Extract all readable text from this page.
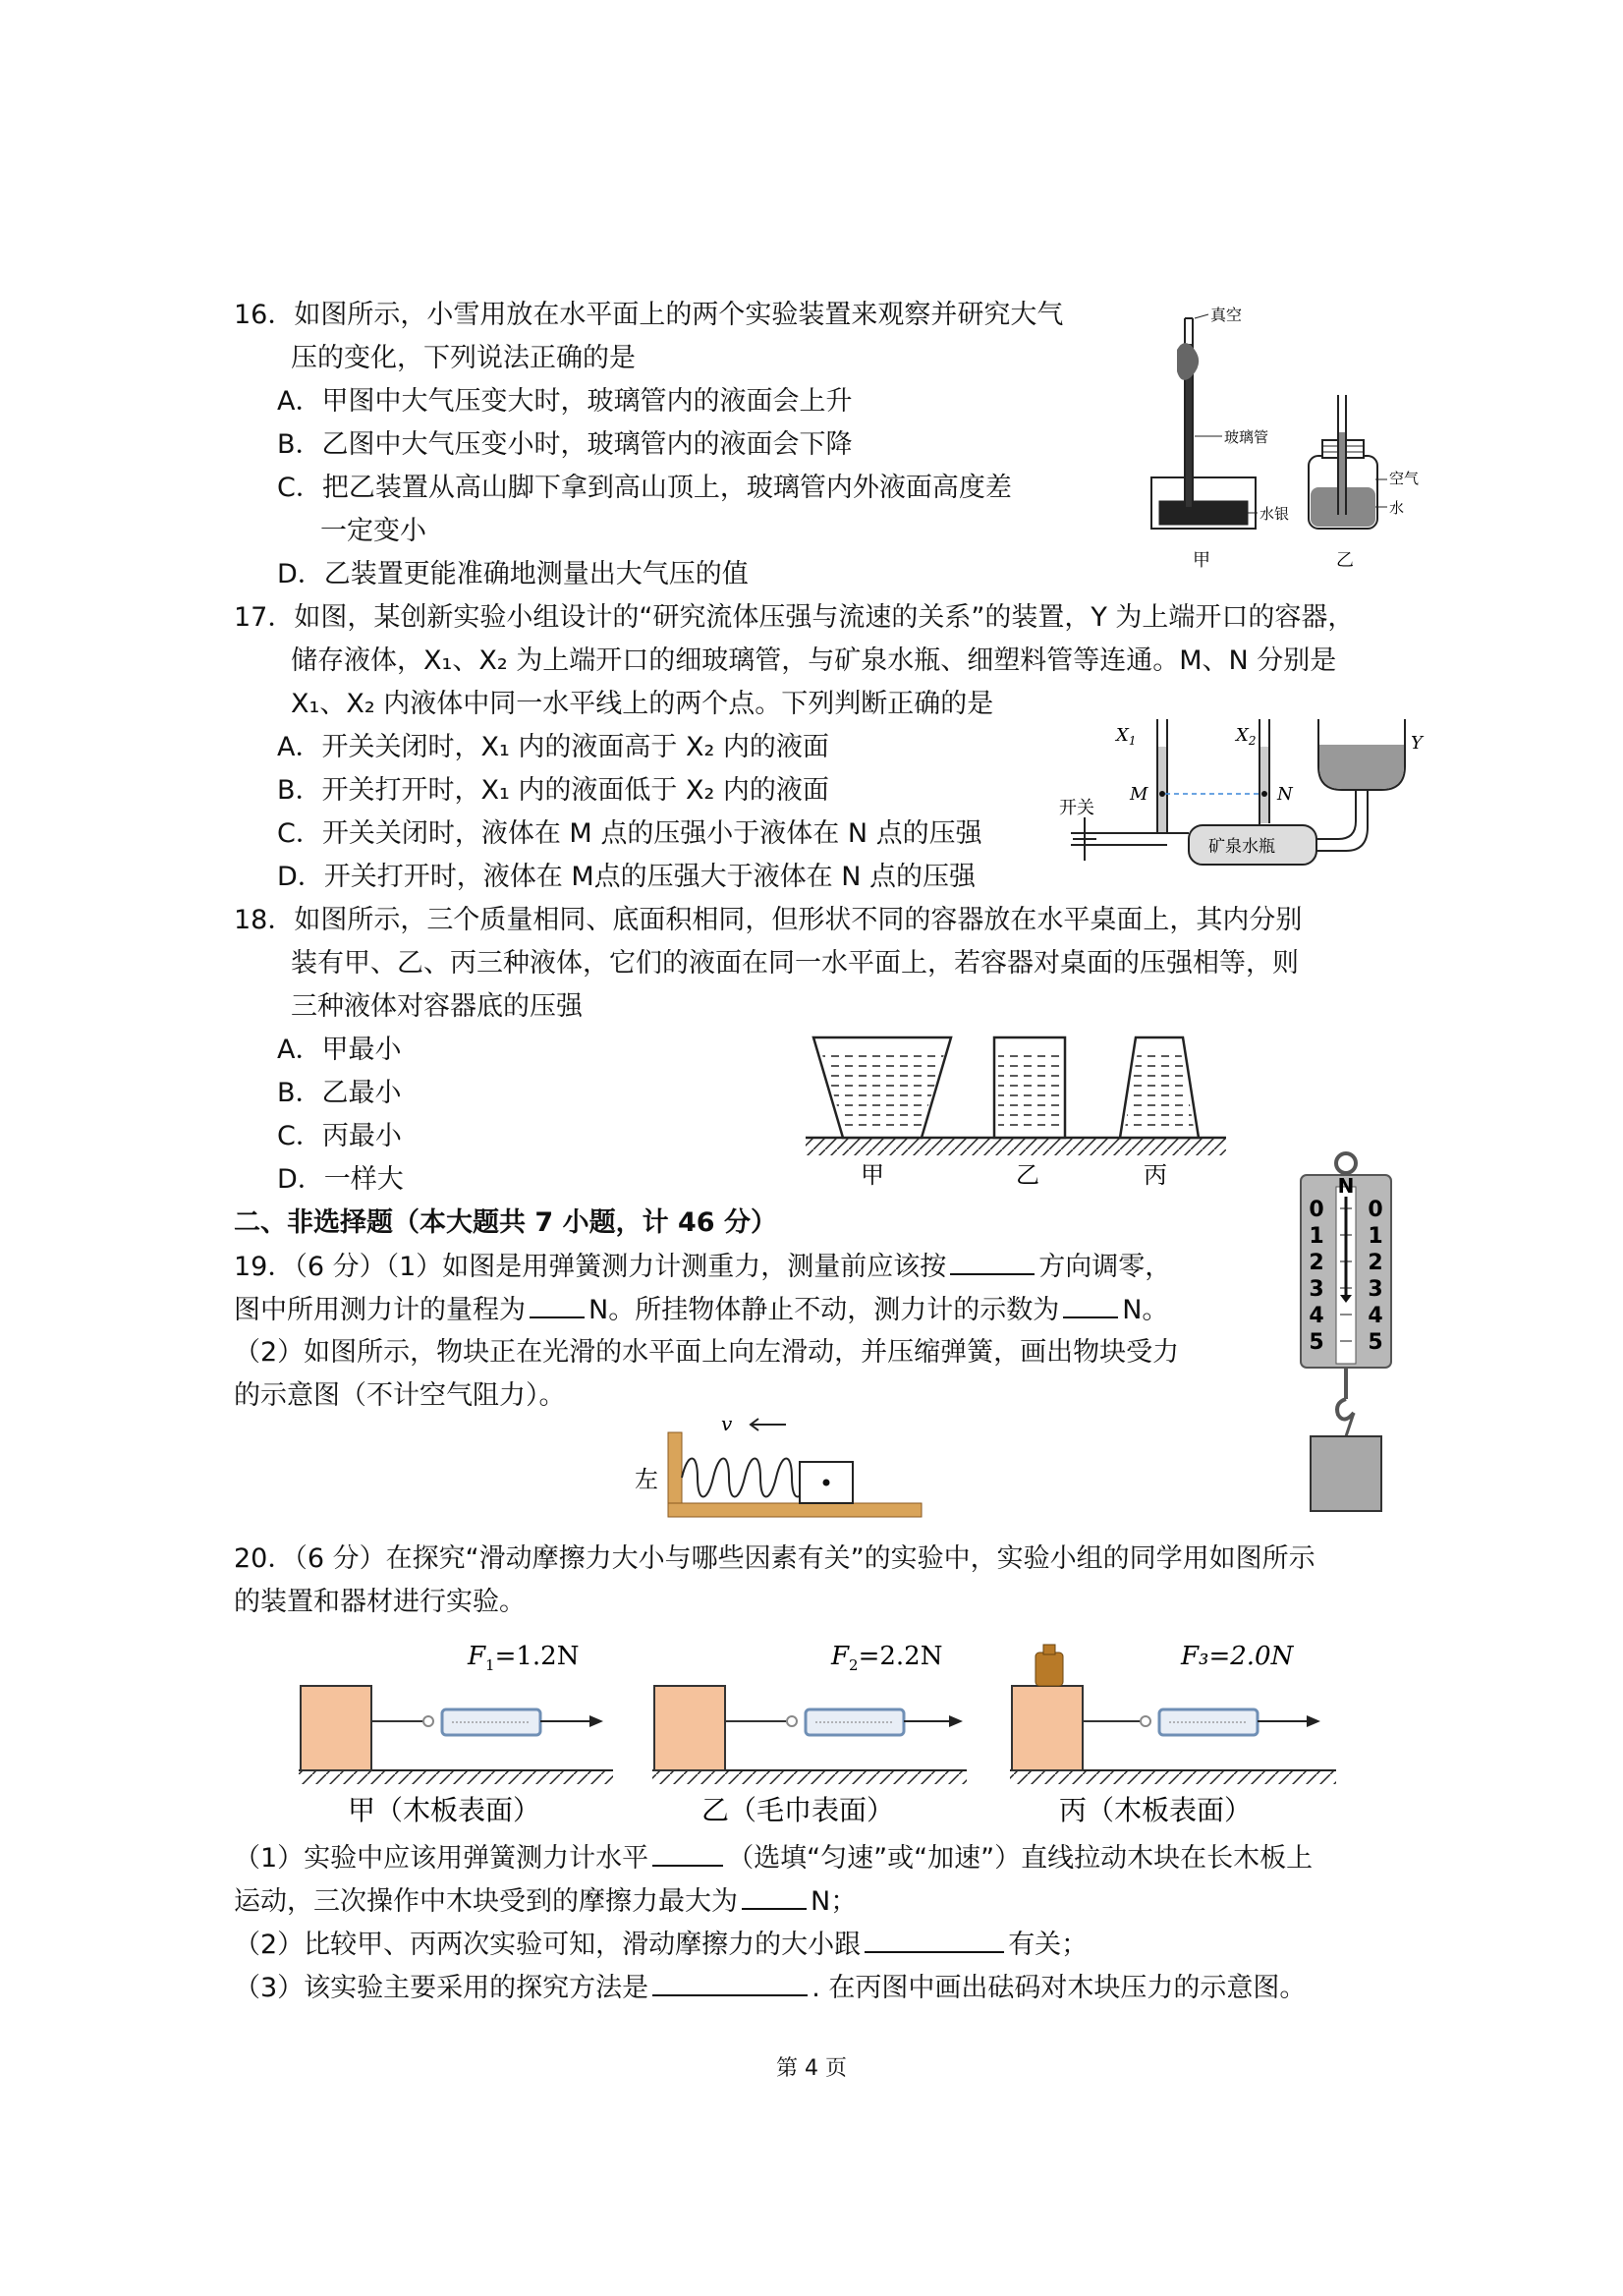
16．如图所示，小雪用放在水平面上的两个实验装置来观察并研究大气
压的变化，下列说法正确的是
A．甲图中大气压变大时，玻璃管内的液面会上升
B．乙图中大气压变小时，玻璃管内的液面会下降
C．把乙装置从高山脚下拿到高山顶上，玻璃管内外液面高度差
一定变小
D．乙装置更能准确地测量出大气压的值
真空
玻璃管
水银
甲
空气
水
乙
17．如图，某创新实验小组设计的“研究流体压强与流速的关系”的装置，Y 为上端开口的容器，
储存液体，X₁、X₂ 为上端开口的细玻璃管，与矿泉水瓶、细塑料管等连通。M、N 分别是
X₁、X₂ 内液体中同一水平线上的两个点。下列判断正确的是
A．开关关闭时，X₁ 内的液面高于 X₂ 内的液面
B．开关打开时，X₁ 内的液面低于 X₂ 内的液面
C．开关关闭时，液体在 M 点的压强小于液体在 N 点的压强
D．开关打开时，液体在 M点的压强大于液体在 N 点的压强
$X_1$	$X_2$
M	N
开关
矿泉水瓶
Y
18．如图所示，三个质量相同、底面积相同，但形状不同的容器放在水平桌面上，其内分别
装有甲、乙、丙三种液体，它们的液面在同一水平面上，若容器对桌面的压强相等，则
三种液体对容器底的压强
A．甲最小
B．乙最小
C．丙最小
D．一样大	甲	乙	丙
二、非选择题（本大题共 7 小题，计 46 分）
19．（6 分）（1）如图是用弹簧测力计测重力，测量前应该按	方向调零，
图中所用测力计的量程为 N。所挂物体静止不动，测力计的示数为 N。
（2）如图所示，物块正在光滑的水平面上向左滑动，并压缩弹簧，画出物块受力
的示意图（不计空气阻力）。
左
v
N
0
1
2
3
4
5
0
1
2
3
4
5
20．（6 分）在探究“滑动摩擦力大小与哪些因素有关”的实验中，实验小组的同学用如图所示
的装置和器材进行实验。
$F_1=1.2N$
甲（木板表面）
$F_2=2.2N$
乙（毛巾表面）
F₃=2.0N
丙（木板表面）
（1）实验中应该用弹簧测力计水平	（选填“匀速”或“加速”）直线拉动木块在长木板上
运动，三次操作中木块受到的摩擦力最大为	N；
（2）比较甲、丙两次实验可知，滑动摩擦力的大小跟	有关；
（3）该实验主要采用的探究方法是	. 在丙图中画出砝码对木块压力的示意图。
第 4 页
